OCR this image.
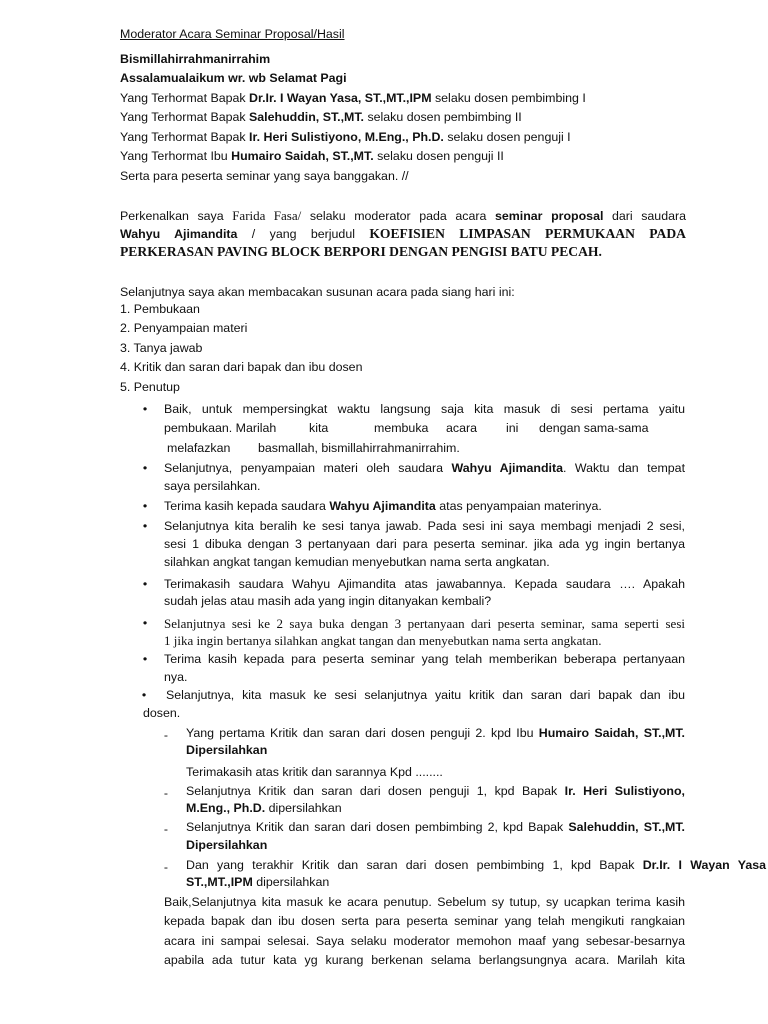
Moderator Acara Seminar Proposal/Hasil
Bismillahirrahmanirrahim
Assalamualaikum wr. wb Selamat Pagi
Yang Terhormat Bapak Dr.Ir. I Wayan Yasa, ST.,MT.,IPM selaku dosen pembimbing I
Yang Terhormat Bapak Salehuddin, ST.,MT. selaku dosen pembimbing II
Yang Terhormat Bapak Ir. Heri Sulistiyono, M.Eng., Ph.D. selaku dosen penguji I
Yang Terhormat Ibu Humairo Saidah, ST.,MT. selaku dosen penguji II
Serta para peserta seminar yang saya banggakan. //
Perkenalkan saya Farida Fasa/ selaku moderator pada acara seminar proposal dari saudara
Wahyu Ajimandita / yang berjudul KOEFISIEN LIMPASAN PERMUKAAN PADA
PERKERASAN PAVING BLOCK BERPORI DENGAN PENGISI BATU PECAH.
Selanjutnya saya akan membacakan susunan acara pada siang hari ini:
1. Pembukaan
2. Penyampaian materi
3. Tanya jawab
4. Kritik dan saran dari bapak dan ibu dosen
5. Penutup
• Baik, untuk mempersingkat waktu langsung saja kita masuk di sesi pertama yaitu
pembukaan. Marilah	kita	membuka acara ini dengan sama-sama
melafazkan basmallah, bismillahirrahmanirrahim.
• Selanjutnya, penyampaian materi oleh saudara Wahyu Ajimandita. Waktu dan tempat
saya persilahkan.
• Terima kasih kepada saudara Wahyu Ajimandita atas penyampaian materinya.
• Selanjutnya kita beralih ke sesi tanya jawab. Pada sesi ini saya membagi menjadi 2 sesi,
sesi 1 dibuka dengan 3 pertanyaan dari para peserta seminar. jika ada yg ingin bertanya
silahkan angkat tangan kemudian menyebutkan nama serta angkatan.
• Terimakasih saudara Wahyu Ajimandita atas jawabannya. Kepada saudara …. Apakah
sudah jelas atau masih ada yang ingin ditanyakan kembali?
• Selanjutnya sesi ke 2 saya buka dengan 3 pertanyaan dari peserta seminar, sama seperti sesi
1 jika ingin bertanya silahkan angkat tangan dan menyebutkan nama serta angkatan.
• Terima kasih kepada para peserta seminar yang telah memberikan beberapa pertanyaan
nya.
• Selanjutnya, kita masuk ke sesi selanjutnya yaitu kritik dan saran dari bapak dan ibu
dosen.
- Yang pertama Kritik dan saran dari dosen penguji 2. kpd Ibu Humairo Saidah, ST.,MT.
Dipersilahkan
Terimakasih atas kritik dan sarannya Kpd ........
- Selanjutnya Kritik dan saran dari dosen penguji 1, kpd Bapak Ir. Heri Sulistiyono,
M.Eng., Ph.D. dipersilahkan
- Selanjutnya Kritik dan saran dari dosen pembimbing 2, kpd Bapak Salehuddin, ST.,MT.
Dipersilahkan
- Dan yang terakhir Kritik dan saran dari dosen pembimbing 1, kpd Bapak Dr.Ir. I Wayan Yasa
ST.,MT.,IPM dipersilahkan
Baik,Selanjutnya kita masuk ke acara penutup. Sebelum sy tutup, sy ucapkan terima kasih
kepada bapak dan ibu dosen serta para peserta seminar yang telah mengikuti rangkaian
acara ini sampai selesai. Saya selaku moderator memohon maaf yang sebesar-besarnya
apabila ada tutur kata yg kurang berkenan selama berlangsungnya acara. Marilah kita
